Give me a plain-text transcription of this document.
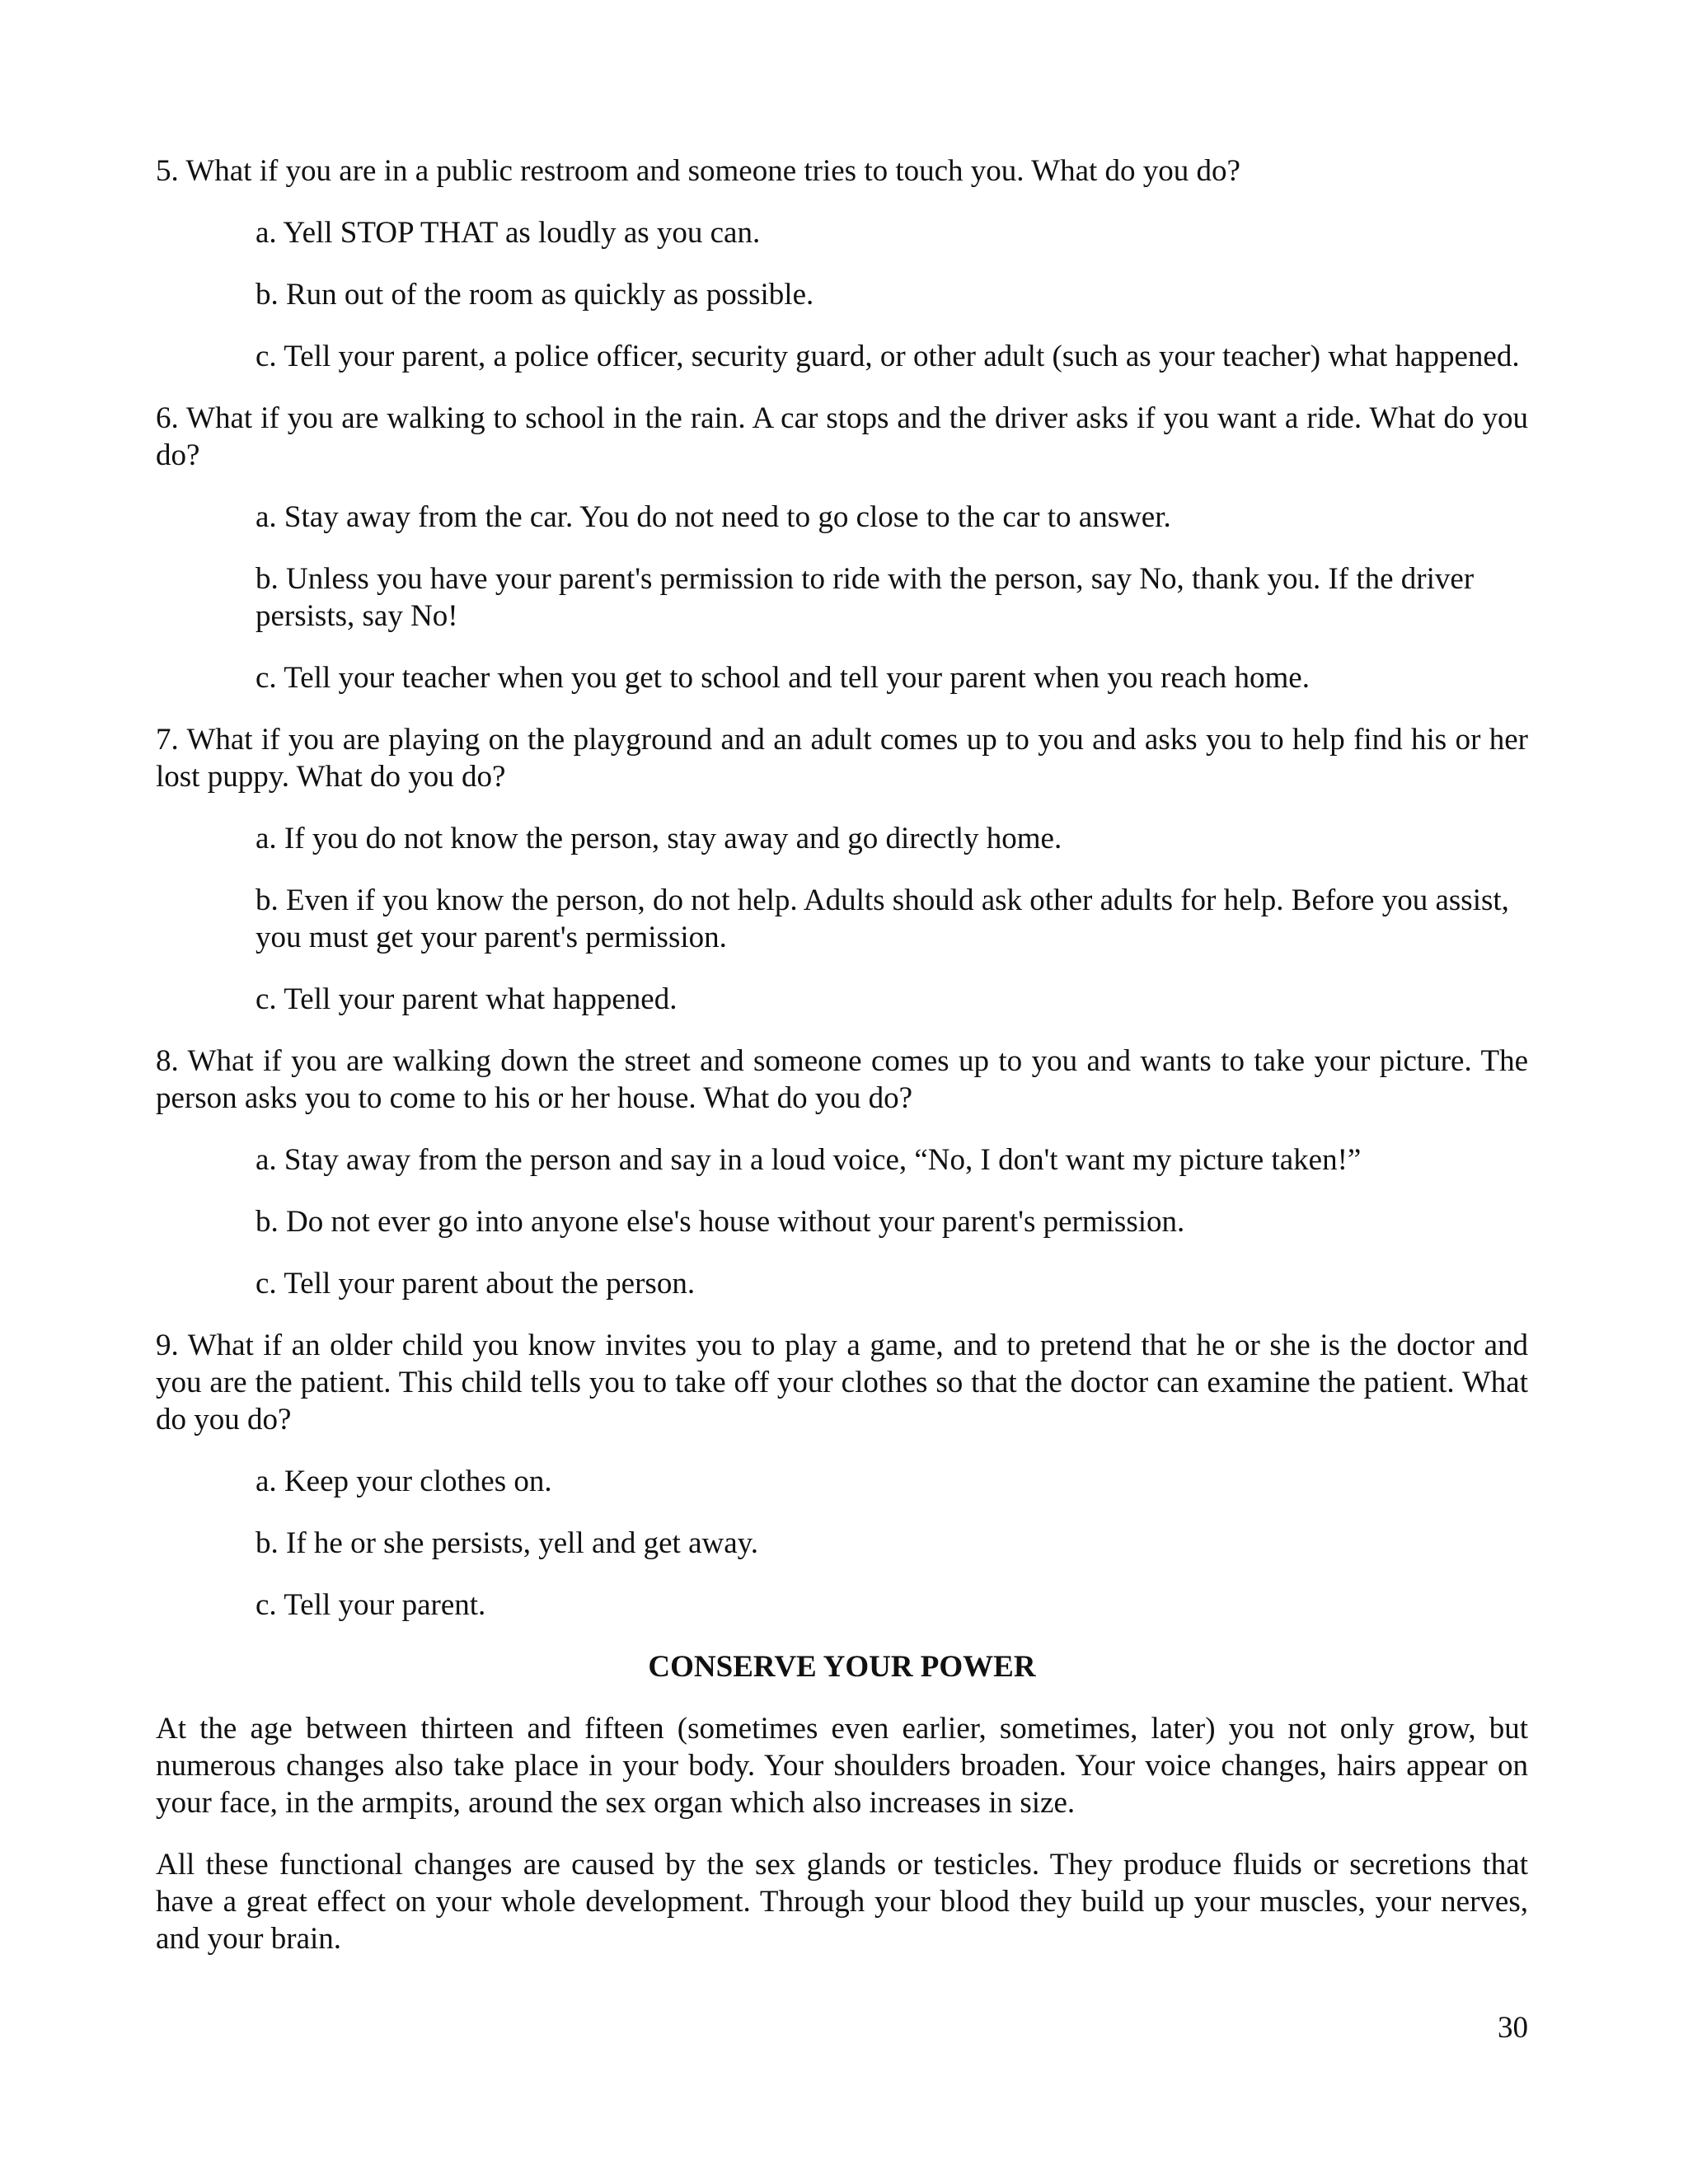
5. What if you are in a public restroom and someone tries to touch you. What do you do?

a. Yell STOP THAT as loudly as you can.

b. Run out of the room as quickly as possible.

c. Tell your parent, a police officer, security guard, or other adult (such as your teacher) what happened.

6. What if you are walking to school in the rain. A car stops and the driver asks if you want a ride. What do you do?

a. Stay away from the car. You do not need to go close to the car to answer.

b. Unless you have your parent's permission to ride with the person, say No, thank you. If the driver persists, say No!

c. Tell your teacher when you get to school and tell your parent when you reach home.

7. What if you are playing on the playground and an adult comes up to you and asks you to help find his or her lost puppy. What do you do?

a. If you do not know the person, stay away and go directly home.

b. Even if you know the person, do not help. Adults should ask other adults for help. Before you assist, you must get your parent's permission.

c. Tell your parent what happened.

8. What if you are walking down the street and someone comes up to you and wants to take your picture. The person asks you to come to his or her house. What do you do?

a. Stay away from the person and say in a loud voice, “No, I don't want my picture taken!”

b. Do not ever go into anyone else's house without your parent's permission.

c. Tell your parent about the person.

9. What if an older child you know invites you to play a game, and to pretend that he or she is the doctor and you are the patient. This child tells you to take off your clothes so that the doctor can examine the patient. What do you do?

a. Keep your clothes on.

b. If he or she persists, yell and get away.

c. Tell your parent.

CONSERVE YOUR POWER

At the age between thirteen and fifteen (sometimes even earlier, sometimes, later) you not only grow, but numerous changes also take place in your body. Your shoulders broaden. Your voice changes, hairs appear on your face, in the armpits, around the sex organ which also increases in size.

All these functional changes are caused by the sex glands or testicles. They produce fluids or secretions that have a great effect on your whole development. Through your blood they build up your muscles, your nerves, and your brain.

30
